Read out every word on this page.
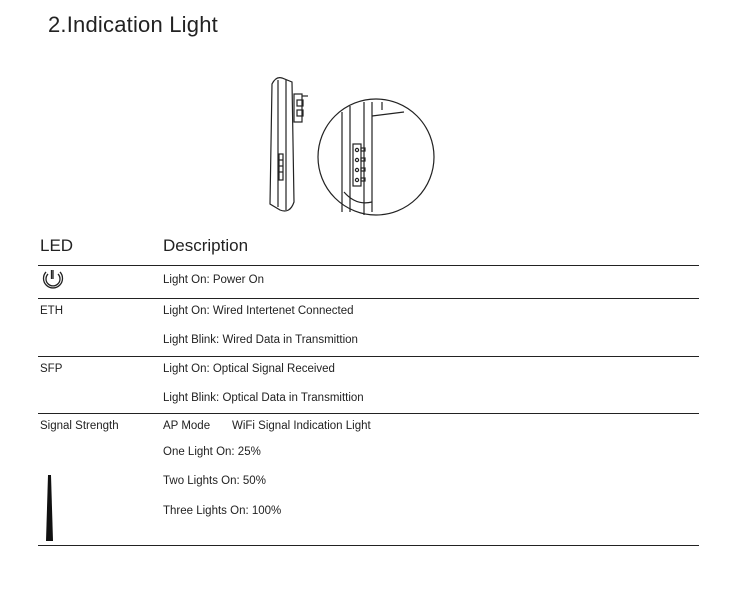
2.Indication Light
LED	Description
Light On: Power On
ETH	Light On: Wired Intertenet Connected
Light Blink: Wired Data in Transmittion
SFP	Light On: Optical Signal Received
Light Blink: Optical Data in Transmittion
Signal Strength	AP Mode WiFi Signal Indication Light
One Light On: 25%
Two Lights On: 50%
Three Lights On: 100%
